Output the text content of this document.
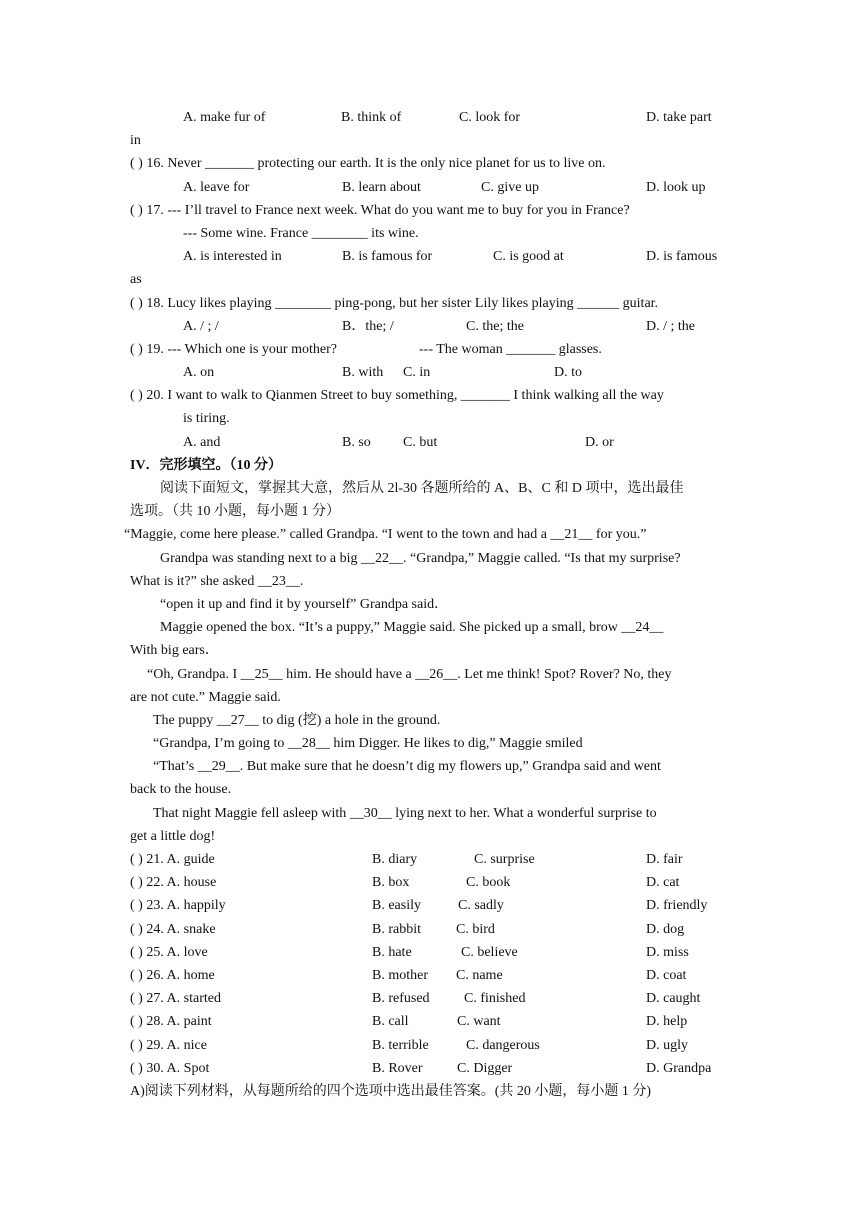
A. make fur of	B. think of	C. look for	D. take part
in
( ) 16. Never _______ protecting our earth. It is the only nice planet for us to live on.
A. leave for	B. learn about	C. give up	D. look up
( ) 17. --- I’ll travel to France next week. What do you want me to buy for you in France?
--- Some wine. France ________ its wine.
A. is interested in	B. is famous for	C. is good at	D. is famous
as
( ) 18. Lucy likes playing ________ ping-pong, but her sister Lily likes playing ______ guitar.
A. / ; /	B．the; /	C. the; the	D. / ; the
( ) 19. --- Which one is your mother?	--- The woman _______ glasses.
A. on	B. with C. in	D. to
( ) 20. I want to walk to Qianmen Street to buy something, _______ I think walking all the way
is tiring.
A. and	B. so C. but	D. or
IV．完形填空。（10 分）
阅读下面短文，掌握其大意，然后从 2l-30 各题所给的 A、B、C 和 D 项中，选出最佳
选项。（共 10 小题，每小题 1 分）
“Maggie, come here please.” called Grandpa. “I went to the town and had a __21__ for you.”
Grandpa was standing next to a big __22__. “Grandpa,” Maggie called. “Is that my surprise?
What is it?” she asked __23__.
“open it up and find it by yourself” Grandpa said．
Maggie opened the box. “It’s a puppy,” Maggie said. She picked up a small, brow __24__
With big ears．
“Oh, Grandpa. I __25__ him. He should have a __26__. Let me think! Spot? Rover? No, they
are not cute.” Maggie said.
The puppy __27__ to dig (挖) a hole in the ground.
“Grandpa, I’m going to __28__ him Digger. He likes to dig,” Maggie smiled
“That’s __29__. But make sure that he doesn’t dig my flowers up,” Grandpa said and went
back to the house.
That night Maggie fell asleep with __30__ lying next to her. What a wonderful surprise to
get a little dog!
( ) 21. A. guide	B. diary	C. surprise	D. fair
( ) 22. A. house	B. box	C. book	D. cat
( ) 23. A. happily	B. easily	C. sadly	D. friendly
( ) 24. A. snake	B. rabbit	C. bird	D. dog
( ) 25. A. love	B. hate	C. believe	D. miss
( ) 26. A. home	B. mother C. name	D. coat
( ) 27. A. started	B. refused C. finished	D. caught
( ) 28. A. paint	B. call	C. want	D. help
( ) 29. A. nice	B. terrible	C. dangerous	D. ugly
( ) 30. A. Spot	B. Rover C. Digger	D. Grandpa
A)阅读下列材料，从每题所给的四个选项中选出最佳答案。(共 20 小题，每小题 1 分)
